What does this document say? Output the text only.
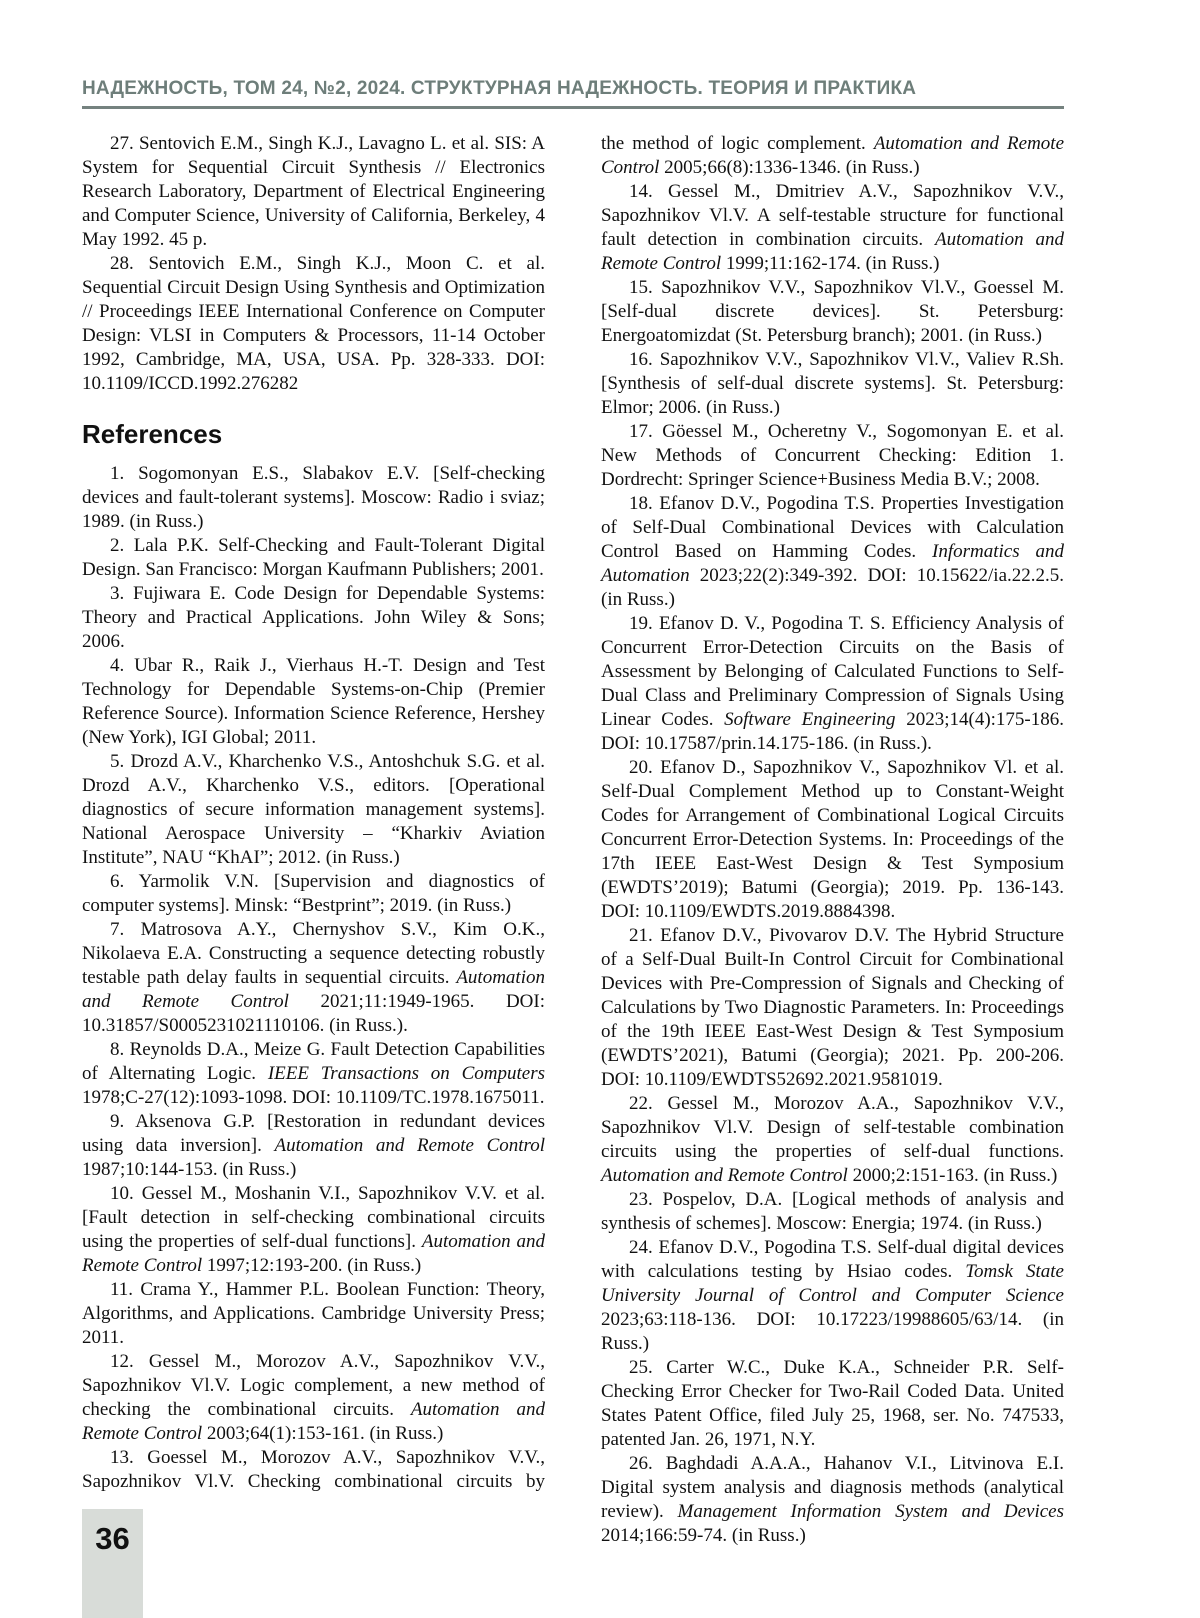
НАДЕЖНОСТЬ, ТОМ 24, №2, 2024. СТРУКТУРНАЯ НАДЕЖНОСТЬ. ТЕОРИЯ И ПРАКТИКА

27. Sentovich E.M., Singh K.J., Lavagno L. et al. SIS: A System for Sequential Circuit Synthesis // Electronics Research Laboratory, Department of Electrical Engineering and Computer Science, University of California, Berkeley, 4 May 1992. 45 p.

28. Sentovich E.M., Singh K.J., Moon C. et al. Sequential Circuit Design Using Synthesis and Optimization // Proceedings IEEE International Conference on Computer Design: VLSI in Computers & Processors, 11-14 October 1992, Cambridge, MA, USA, USA. Pp. 328-333. DOI: 10.1109/ICCD.1992.276282

References

1. Sogomonyan E.S., Slabakov E.V. [Self-checking devices and fault-tolerant systems]. Moscow: Radio i sviaz; 1989. (in Russ.)

2. Lala P.K. Self-Checking and Fault-Tolerant Digital Design. San Francisco: Morgan Kaufmann Publishers; 2001.

3. Fujiwara E. Code Design for Dependable Systems: Theory and Practical Applications. John Wiley & Sons; 2006.

4. Ubar R., Raik J., Vierhaus H.-T. Design and Test Technology for Dependable Systems-on-Chip (Premier Reference Source). Information Science Reference, Hershey (New York), IGI Global; 2011.

5. Drozd A.V., Kharchenko V.S., Antoshchuk S.G. et al. Drozd A.V., Kharchenko V.S., editors. [Operational diagnostics of secure information management systems]. National Aerospace University – “Kharkiv Aviation Institute”, NAU “KhAI”; 2012. (in Russ.)

6. Yarmolik V.N. [Supervision and diagnostics of computer systems]. Minsk: “Bestprint”; 2019. (in Russ.)

7. Matrosova A.Y., Chernyshov S.V., Kim O.K., Nikolaeva E.A. Constructing a sequence detecting robustly testable path delay faults in sequential circuits. Automation and Remote Control 2021;11:1949-1965. DOI: 10.31857/S0005231021110106. (in Russ.).

8. Reynolds D.A., Meize G. Fault Detection Capabilities of Alternating Logic. IEEE Transactions on Computers 1978;C-27(12):1093-1098. DOI: 10.1109/TC.1978.1675011.

9. Aksenova G.P. [Restoration in redundant devices using data inversion]. Automation and Remote Control 1987;10:144-153. (in Russ.)

10. Gessel M., Moshanin V.I., Sapozhnikov V.V. et al. [Fault detection in self-checking combinational circuits using the properties of self-dual functions]. Automation and Remote Control 1997;12:193-200. (in Russ.)

11. Crama Y., Hammer P.L. Boolean Function: Theory, Algorithms, and Applications. Cambridge University Press; 2011.

12. Gessel M., Morozov A.V., Sapozhnikov V.V., Sapozhnikov Vl.V. Logic complement, a new method of checking the combinational circuits. Automation and Remote Control 2003;64(1):153-161. (in Russ.)

13. Goessel M., Morozov A.V., Sapozhnikov V.V., Sapozhnikov Vl.V. Checking combinational circuits by

the method of logic complement. Automation and Remote Control 2005;66(8):1336-1346. (in Russ.)

14. Gessel M., Dmitriev A.V., Sapozhnikov V.V., Sapozhnikov Vl.V. A self-testable structure for functional fault detection in combination circuits. Automation and Remote Control 1999;11:162-174. (in Russ.)

15. Sapozhnikov V.V., Sapozhnikov Vl.V., Goessel M. [Self-dual discrete devices]. St. Petersburg: Energoatomizdat (St. Petersburg branch); 2001. (in Russ.)

16. Sapozhnikov V.V., Sapozhnikov Vl.V., Valiev R.Sh. [Synthesis of self-dual discrete systems]. St. Petersburg: Elmor; 2006. (in Russ.)

17. Göessel M., Ocheretny V., Sogomonyan E. et al. New Methods of Concurrent Checking: Edition 1. Dordrecht: Springer Science+Business Media B.V.; 2008.

18. Efanov D.V., Pogodina T.S. Properties Investigation of Self-Dual Combinational Devices with Calculation Control Based on Hamming Codes. Informatics and Automation 2023;22(2):349-392. DOI: 10.15622/ia.22.2.5. (in Russ.)

19. Efanov D. V., Pogodina T. S. Efficiency Analysis of Concurrent Error-Detection Circuits on the Basis of Assessment by Belonging of Calculated Functions to Self-Dual Class and Preliminary Compression of Signals Using Linear Codes. Software Engineering 2023;14(4):175-186. DOI: 10.17587/prin.14.175-186. (in Russ.).

20. Efanov D., Sapozhnikov V., Sapozhnikov Vl. et al. Self-Dual Complement Method up to Constant-Weight Codes for Arrangement of Combinational Logical Circuits Concurrent Error-Detection Systems. In: Proceedings of the 17th IEEE East-West Design & Test Symposium (EWDTS’2019); Batumi (Georgia); 2019. Pp. 136-143. DOI: 10.1109/EWDTS.2019.8884398.

21. Efanov D.V., Pivovarov D.V. The Hybrid Structure of a Self-Dual Built-In Control Circuit for Combinational Devices with Pre-Compression of Signals and Checking of Calculations by Two Diagnostic Parameters. In: Proceedings of the 19th IEEE East-West Design & Test Symposium (EWDTS’2021), Batumi (Georgia); 2021. Pp. 200-206. DOI: 10.1109/EWDTS52692.2021.9581019.

22. Gessel M., Morozov A.A., Sapozhnikov V.V., Sapozhnikov Vl.V. Design of self-testable combination circuits using the properties of self-dual functions. Automation and Remote Control 2000;2:151-163. (in Russ.)

23. Pospelov, D.A. [Logical methods of analysis and synthesis of schemes]. Moscow: Energia; 1974. (in Russ.)

24. Efanov D.V., Pogodina T.S. Self-dual digital devices with calculations testing by Hsiao codes. Tomsk State University Journal of Control and Computer Science 2023;63:118-136. DOI: 10.17223/19988605/63/14. (in Russ.)

25. Carter W.C., Duke K.A., Schneider P.R. Self-Checking Error Checker for Two-Rail Coded Data. United States Patent Office, filed July 25, 1968, ser. No. 747533, patented Jan. 26, 1971, N.Y.

26. Baghdadi A.A.A., Hahanov V.I., Litvinova E.I. Digital system analysis and diagnosis methods (analytical review). Management Information System and Devices 2014;166:59-74. (in Russ.)

36
